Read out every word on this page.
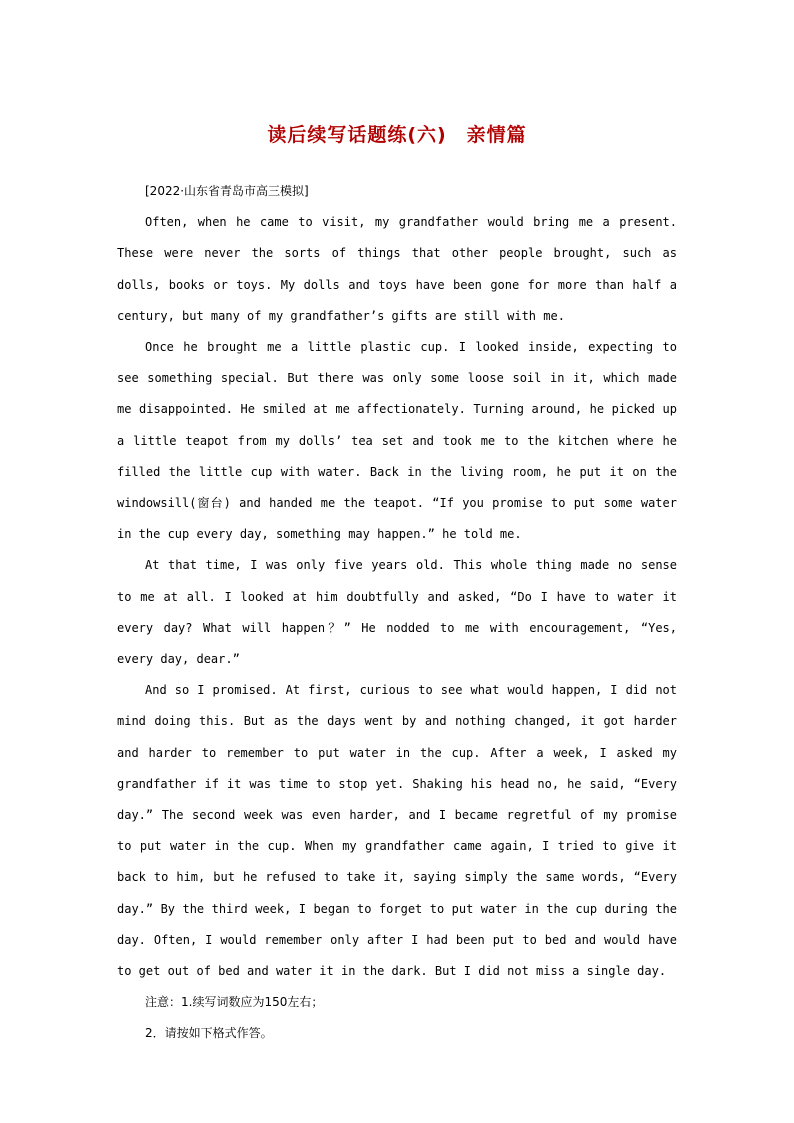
读后续写话题练(六)　亲情篇

[2022·山东省青岛市高三模拟]

Often, when he came to visit, my grandfather would bring me a present. These were never the sorts of things that other people brought, such as dolls, books or toys. My dolls and toys have been gone for more than half a century, but many of my grandfather’s gifts are still with me.

Once he brought me a little plastic cup. I looked inside, expecting to see something special. But there was only some loose soil in it, which made me disappointed. He smiled at me affectionately. Turning around, he picked up a little teapot from my dolls’ tea set and took me to the kitchen where he filled the little cup with water. Back in the living room, he put it on the windowsill(窗台) and handed me the teapot. “If you promise to put some water in the cup every day, something may happen.” he told me.

At that time, I was only five years old. This whole thing made no sense to me at all. I looked at him doubtfully and asked, “Do I have to water it every day? What will happen？” He nodded to me with encouragement, “Yes, every day, dear.”

And so I promised. At first, curious to see what would happen, I did not mind doing this. But as the days went by and nothing changed, it got harder and harder to remember to put water in the cup. After a week, I asked my grandfather if it was time to stop yet. Shaking his head no, he said, “Every day.” The second week was even harder, and I became regretful of my promise to put water in the cup. When my grandfather came again, I tried to give it back to him, but he refused to take it, saying simply the same words, “Every day.” By the third week, I began to forget to put water in the cup during the day. Often, I would remember only after I had been put to bed and would have to get out of bed and water it in the dark. But I did not miss a single day.

注意：1.续写词数应为150左右；

2．请按如下格式作答。
